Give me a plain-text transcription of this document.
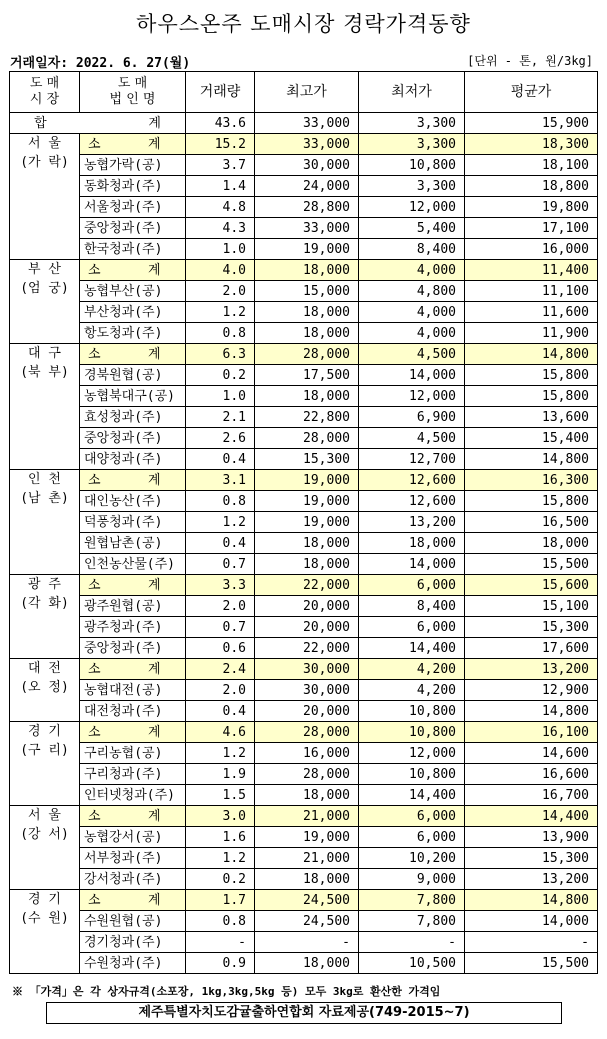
하우스온주 도매시장 경락가격동향
거래일자: 2022. 6. 27(월)	[단위 - 톤, 원/3kg]
도 매
시 장	도 매
법 인 명	거래량	최고가	최저가	평균가
합 계		43.6	33,000	3,300	15,900

서 울
(가 락)	소 계	15.2	33,000	3,300	18,300
	농협가락(공)	3.7	30,000	10,800	18,100
	동화청과(주)	1.4	24,000	3,300	18,800
	서울청과(주)	4.8	28,800	12,000	19,800
	중앙청과(주)	4.3	33,000	5,400	17,100
	한국청과(주)	1.0	19,000	8,400	16,000

부 산
(엄 궁)	소 계	4.0	18,000	4,000	11,400
	농협부산(공)	2.0	15,000	4,800	11,100
	부산청과(주)	1.2	18,000	4,000	11,600
	항도청과(주)	0.8	18,000	4,000	11,900

대 구
(북 부)	소 계	6.3	28,000	4,500	14,800
	경북원협(공)	0.2	17,500	14,000	15,800
	농협북대구(공)	1.0	18,000	12,000	15,800
	효성청과(주)	2.1	22,800	6,900	13,600
	중앙청과(주)	2.6	28,000	4,500	15,400
	대양청과(주)	0.4	15,300	12,700	14,800

인 천
(남 촌)	소 계	3.1	19,000	12,600	16,300
	대인농산(주)	0.8	19,000	12,600	15,800
	덕풍청과(주)	1.2	19,000	13,200	16,500
	원협남촌(공)	0.4	18,000	18,000	18,000
	인천농산물(주)	0.7	18,000	14,000	15,500

광 주
(각 화)	소 계	3.3	22,000	6,000	15,600
	광주원협(공)	2.0	20,000	8,400	15,100
	광주청과(주)	0.7	20,000	6,000	15,300
	중앙청과(주)	0.6	22,000	14,400	17,600

대 전
(오 정)	소 계	2.4	30,000	4,200	13,200
	농협대전(공)	2.0	30,000	4,200	12,900
	대전청과(주)	0.4	20,000	10,800	14,800

경 기
(구 리)	소 계	4.6	28,000	10,800	16,100
	구리농협(공)	1.2	16,000	12,000	14,600
	구리청과(주)	1.9	28,000	10,800	16,600
	인터넷청과(주)	1.5	18,000	14,400	16,700

서 울
(강 서)	소 계	3.0	21,000	6,000	14,400
	농협강서(공)	1.6	19,000	6,000	13,900
	서부청과(주)	1.2	21,000	10,200	15,300
	강서청과(주)	0.2	18,000	9,000	13,200

경 기
(수 원)	소 계	1.7	24,500	7,800	14,800
	수원원협(공)	0.8	24,500	7,800	14,000
	경기청과(주)	-	-	-	-
	수원청과(주)	0.9	18,000	10,500	15,500
※ 「가격」은 각 상자규격(소포장, 1kg,3kg,5kg 등) 모두 3kg로 환산한 가격임
제주특별자치도감귤출하연합회 자료제공(749-2015~7)
